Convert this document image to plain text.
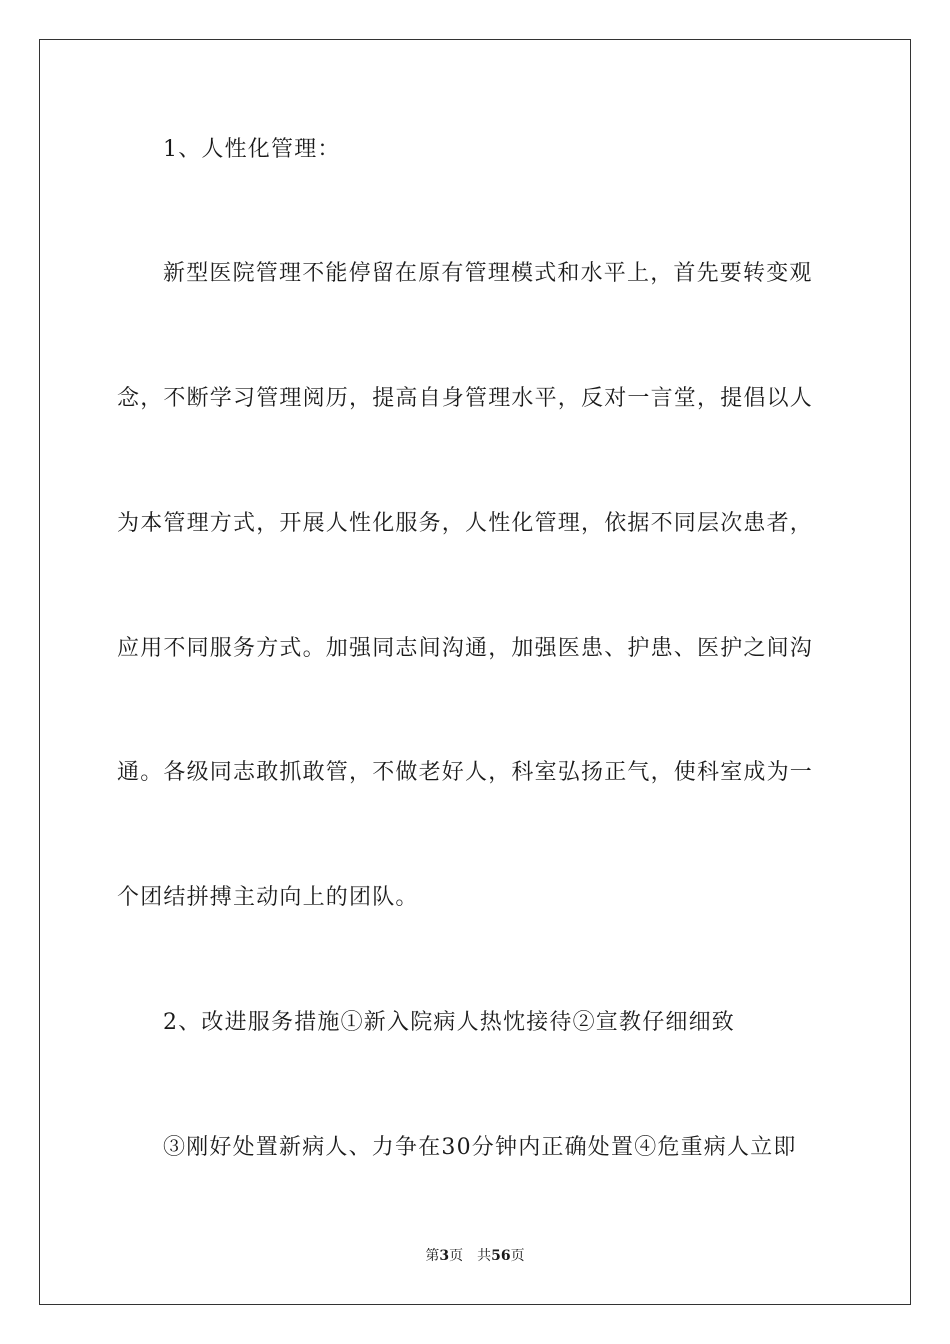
1、人性化管理：
新型医院管理不能停留在原有管理模式和水平上，首先要转变观
念，不断学习管理阅历，提高自身管理水平，反对一言堂，提倡以人
为本管理方式，开展人性化服务，人性化管理，依据不同层次患者，
应用不同服务方式。加强同志间沟通，加强医患、护患、医护之间沟
通。各级同志敢抓敢管，不做老好人，科室弘扬正气，使科室成为一
个团结拼搏主动向上的团队。
2、改进服务措施①新入院病人热忱接待②宣教仔细细致
③刚好处置新病人、力争在30分钟内正确处置④危重病人立即
第3页 共56页
